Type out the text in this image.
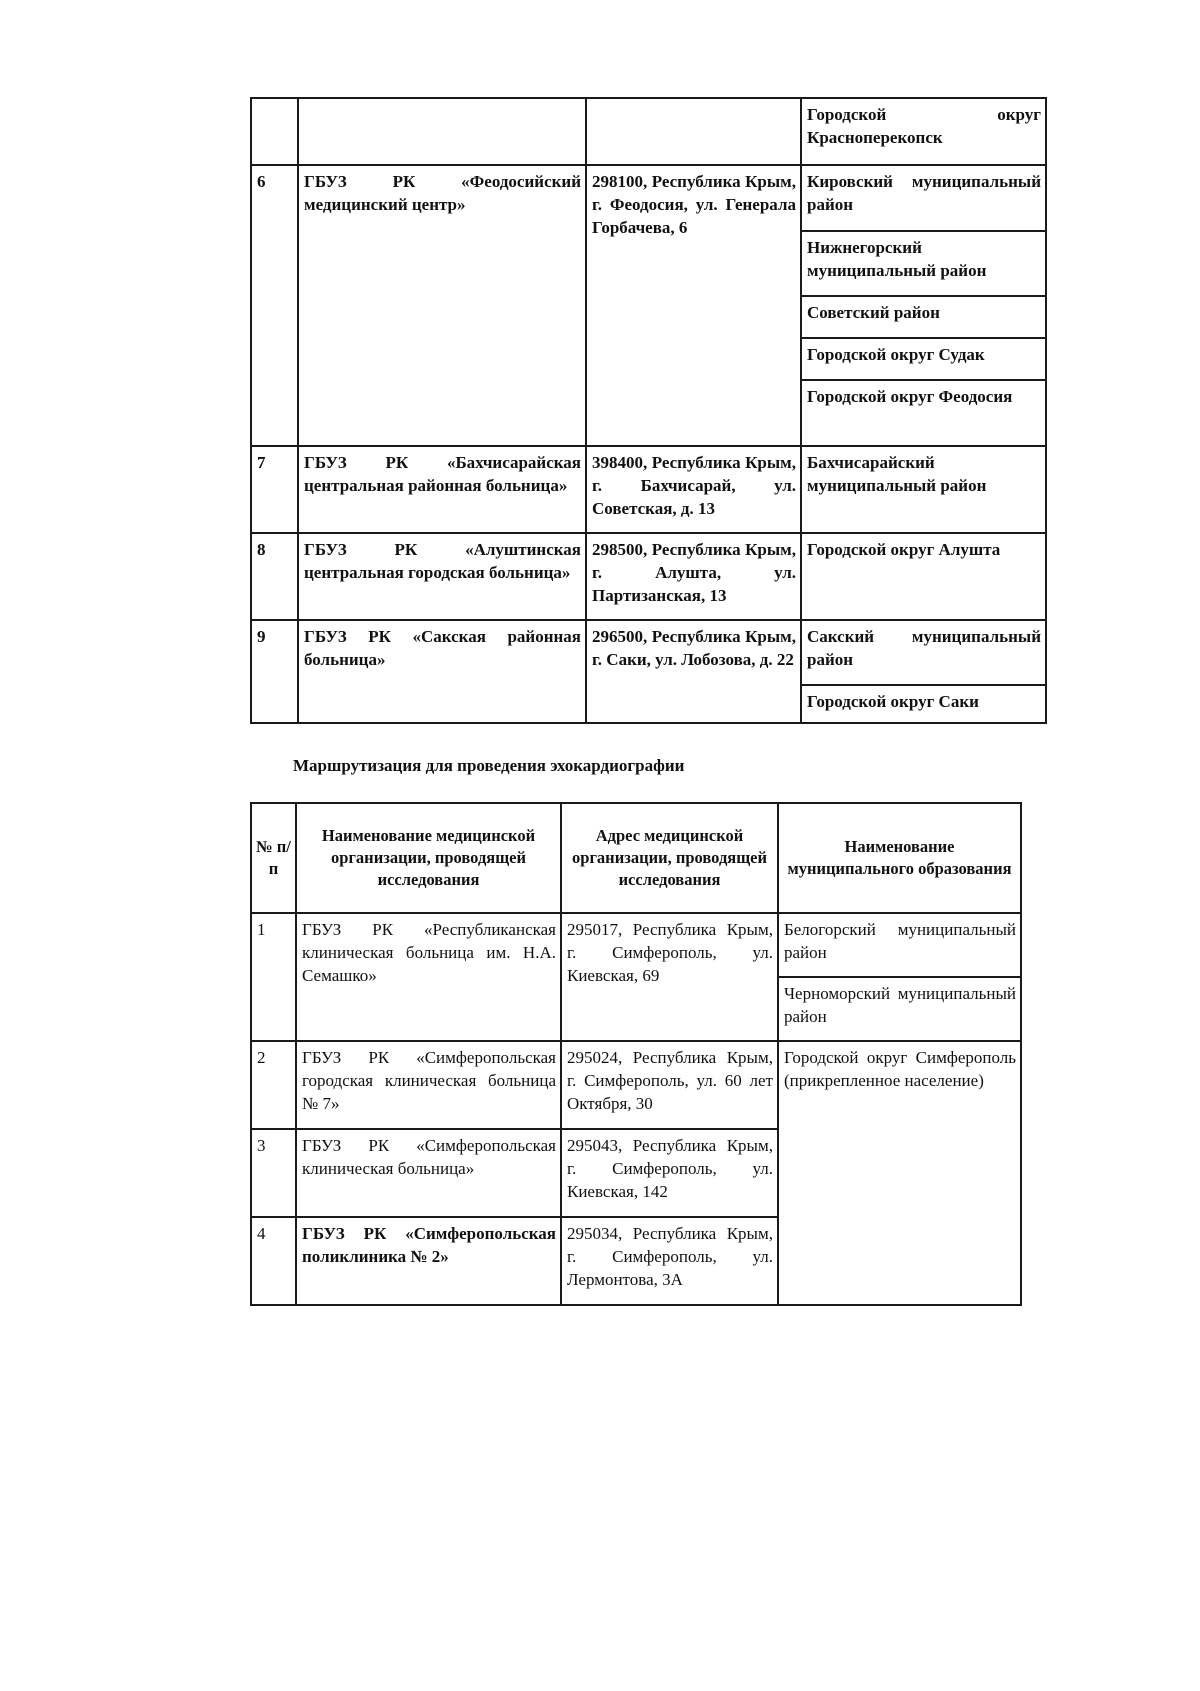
			Городской округ Красноперекопск
6	ГБУЗ РК «Феодосийский медицинский центр»	298100, Республика Крым, г. Феодосия, ул. Генерала Горбачева, 6	Кировский муниципальный район
			Нижнегорский муниципальный район
			Советский район
			Городской округ Судак
			Городской округ Феодосия
7	ГБУЗ РК «Бахчисарайская центральная районная больница»	398400, Республика Крым, г. Бахчисарай, ул. Советская, д. 13	Бахчисарайский муниципальный район
8	ГБУЗ РК «Алуштинская центральная городская больница»	298500, Республика Крым, г. Алушта, ул. Партизанская, 13	Городской округ Алушта
9	ГБУЗ РК «Сакская районная больница»	296500, Республика Крым, г. Саки, ул. Лобозова, д. 22	Сакский муниципальный район
			Городской округ Саки
Маршрутизация для проведения эхокардиографии
№ п/п	Наименование медицинской организации, проводящей исследования	Адрес медицинской организации, проводящей исследования	Наименование муниципального образования
1	ГБУЗ РК «Республиканская клиническая больница им. Н.А. Семашко»	295017, Республика Крым, г. Симферополь, ул. Киевская, 69	Белогорский муниципальный район
			Черноморский муниципальный район
2	ГБУЗ РК «Симферопольская городская клиническая больница № 7»	295024, Республика Крым, г. Симферополь, ул. 60 лет Октября, 30	Городской округ Симферополь (прикрепленное население)
3	ГБУЗ РК «Симферопольская клиническая больница»	295043, Республика Крым, г. Симферополь, ул. Киевская, 142	
4	ГБУЗ РК «Симферопольская поликлиника № 2»	295034, Республика Крым, г. Симферополь, ул. Лермонтова, 3А	
